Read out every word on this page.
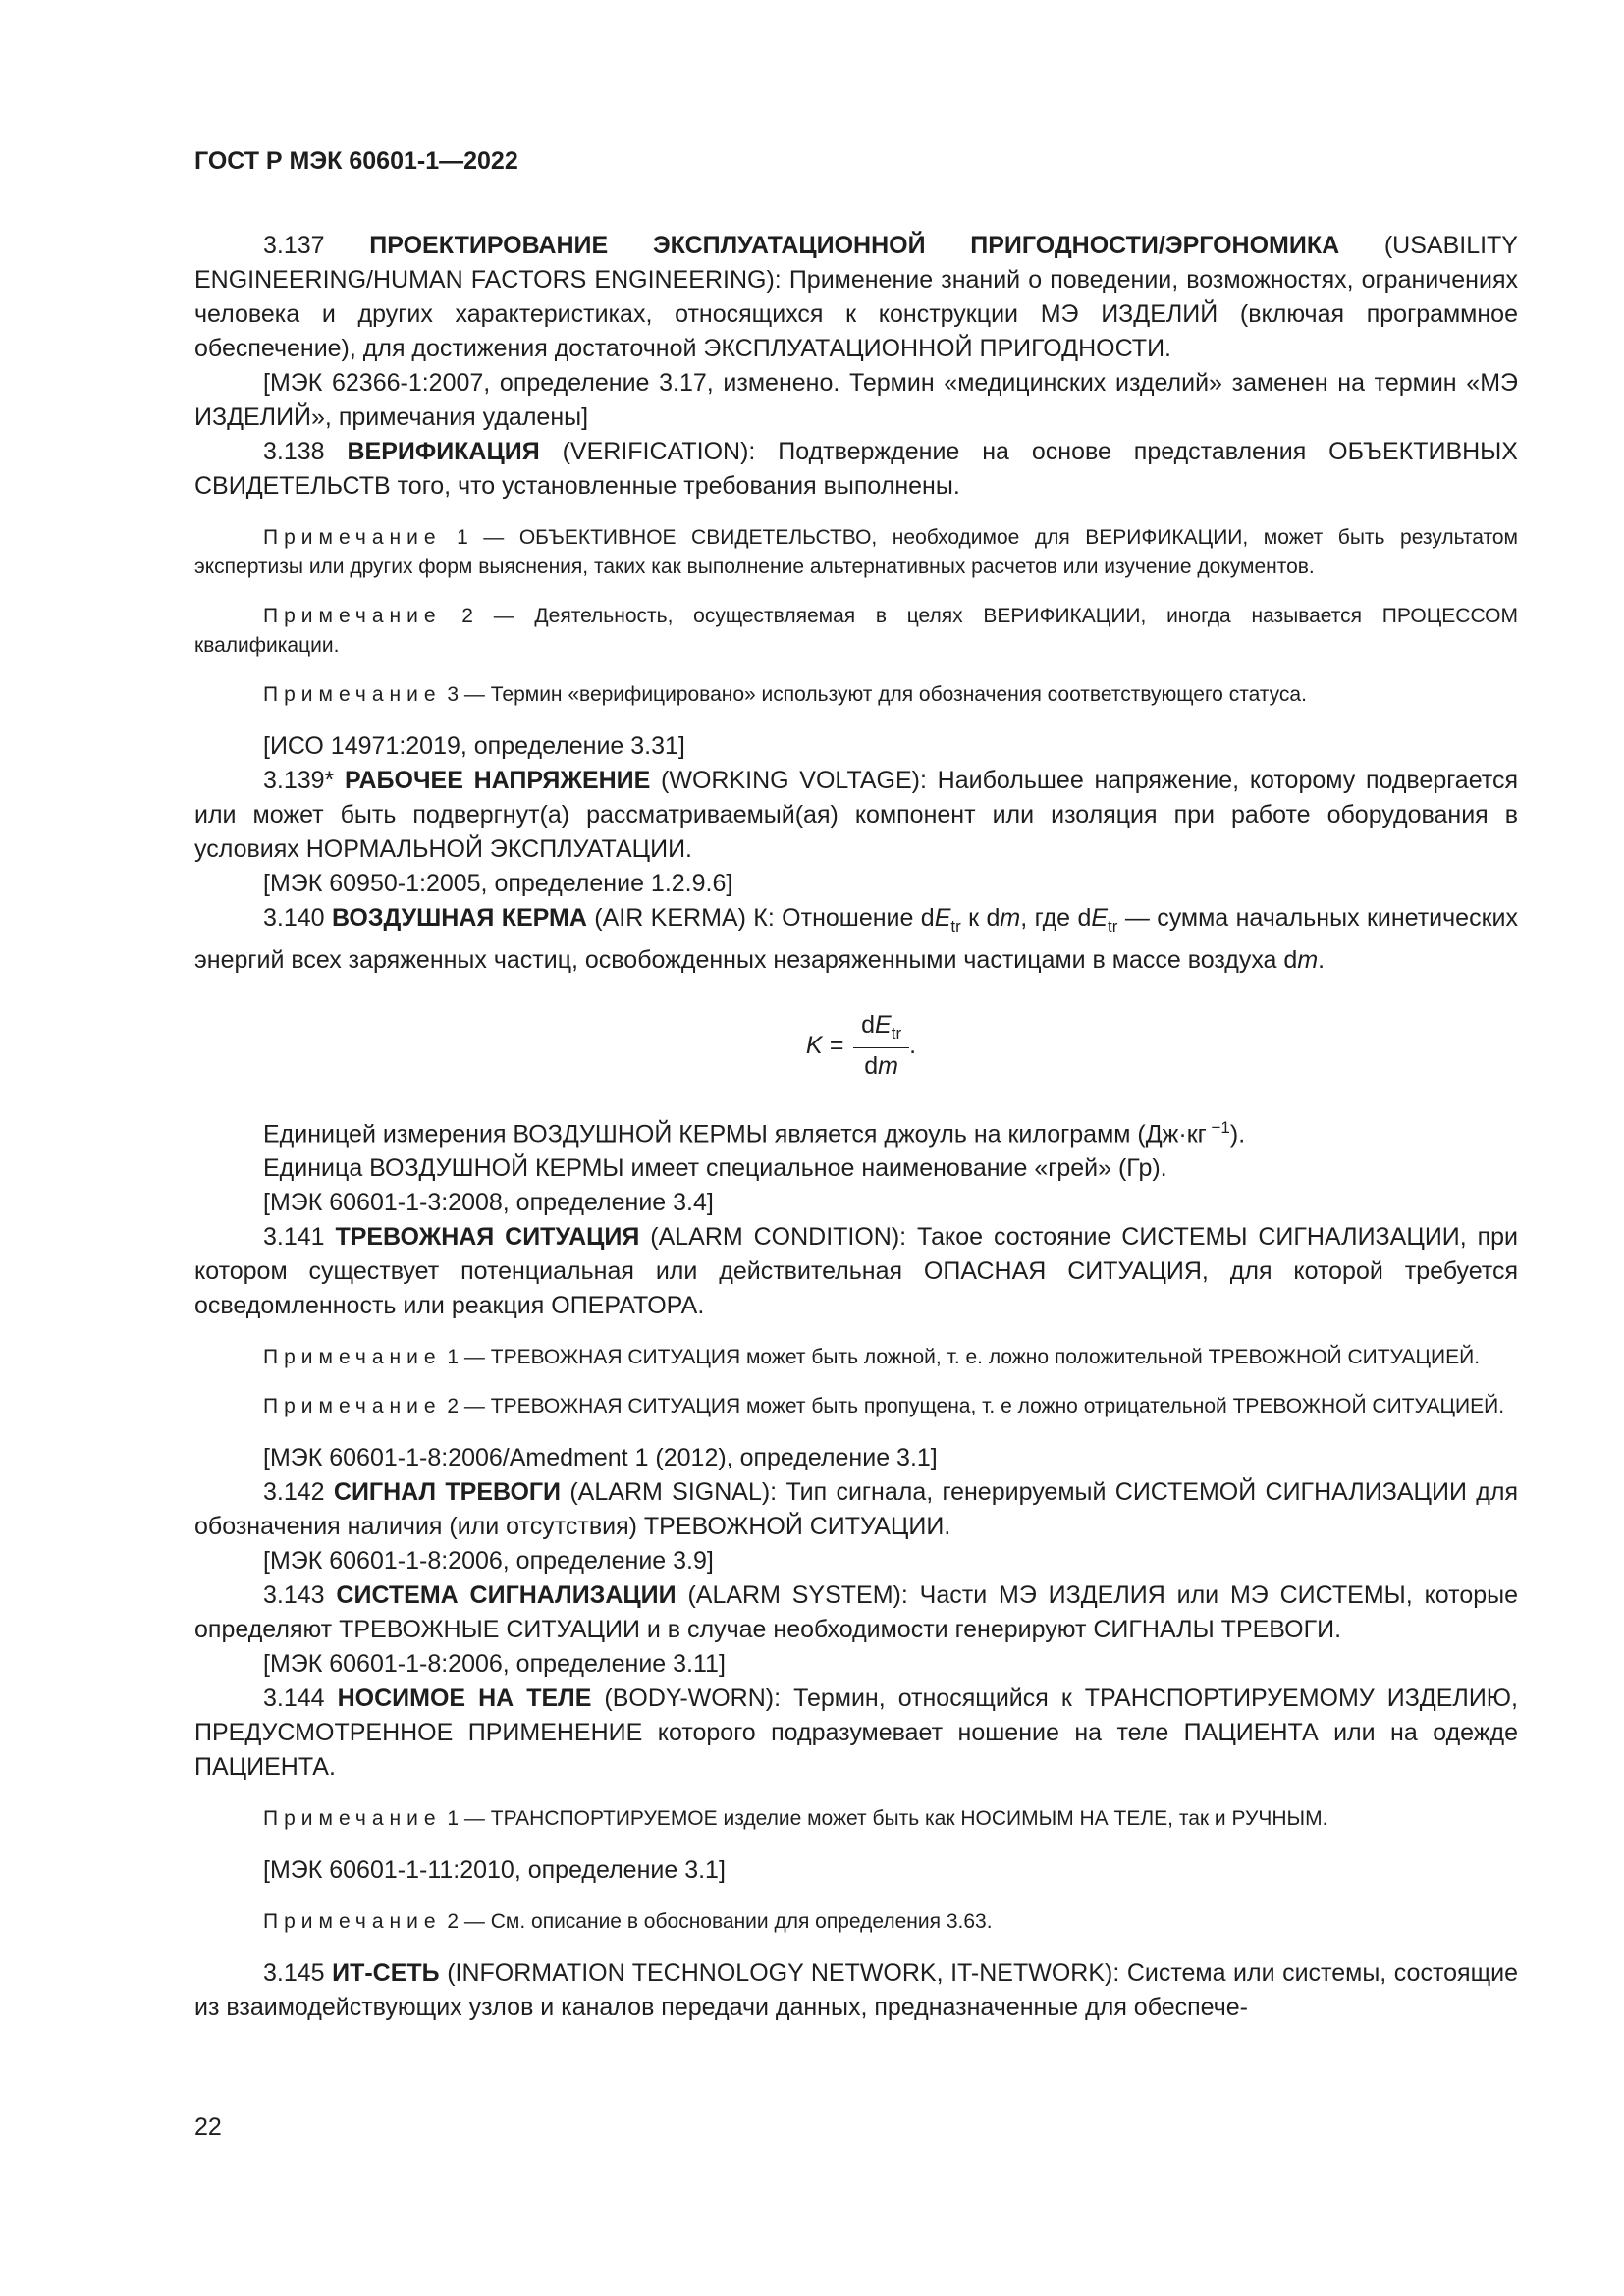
ГОСТ Р МЭК 60601-1—2022

3.137 ПРОЕКТИРОВАНИЕ ЭКСПЛУАТАЦИОННОЙ ПРИГОДНОСТИ/ЭРГОНОМИКА (USABILITY ENGINEERING/HUMAN FACTORS ENGINEERING): Применение знаний о поведении, возможностях, ограничениях человека и других характеристиках, относящихся к конструкции МЭ ИЗДЕЛИЙ (включая программное обеспечение), для достижения достаточной ЭКСПЛУАТАЦИОННОЙ ПРИГОДНОСТИ.

[МЭК 62366-1:2007, определение 3.17, изменено. Термин «медицинских изделий» заменен на термин «МЭ ИЗДЕЛИЙ», примечания удалены]

3.138 ВЕРИФИКАЦИЯ (VERIFICATION): Подтверждение на основе представления ОБЪЕКТИВНЫХ СВИДЕТЕЛЬСТВ того, что установленные требования выполнены.

Примечание 1 — ОБЪЕКТИВНОЕ СВИДЕТЕЛЬСТВО, необходимое для ВЕРИФИКАЦИИ, может быть результатом экспертизы или других форм выяснения, таких как выполнение альтернативных расчетов или изучение документов.

Примечание 2 — Деятельность, осуществляемая в целях ВЕРИФИКАЦИИ, иногда называется ПРОЦЕССОМ квалификации.

Примечание 3 — Термин «верифицировано» используют для обозначения соответствующего статуса.

[ИСО 14971:2019, определение 3.31]

3.139* РАБОЧЕЕ НАПРЯЖЕНИЕ (WORKING VOLTAGE): Наибольшее напряжение, которому подвергается или может быть подвергнут(а) рассматриваемый(ая) компонент или изоляция при работе оборудования в условиях НОРМАЛЬНОЙ ЭКСПЛУАТАЦИИ.

[МЭК 60950-1:2005, определение 1.2.9.6]

3.140 ВОЗДУШНАЯ КЕРМА (AIR KERMA) К: Отношение $dE_{tr}$ к dm, где $dE_{tr}$ — сумма начальных кинетических энергий всех заряженных частиц, освобожденных незаряженными частицами в массе воздуха dm.

$K = \frac{dE_{tr}}{dm}$ .

Единицей измерения ВОЗДУШНОЙ КЕРМЫ является джоуль на килограмм (Дж·кг $^{-1}$).

Единица ВОЗДУШНОЙ КЕРМЫ имеет специальное наименование «грей» (Гр).

[МЭК 60601-1-3:2008, определение 3.4]

3.141 ТРЕВОЖНАЯ СИТУАЦИЯ (ALARM CONDITION): Такое состояние СИСТЕМЫ СИГНАЛИЗАЦИИ, при котором существует потенциальная или действительная ОПАСНАЯ СИТУАЦИЯ, для которой требуется осведомленность или реакция ОПЕРАТОРА.

Примечание 1 — ТРЕВОЖНАЯ СИТУАЦИЯ может быть ложной, т. е. ложно положительной ТРЕВОЖНОЙ СИТУАЦИЕЙ.

Примечание 2 — ТРЕВОЖНАЯ СИТУАЦИЯ может быть пропущена, т. е ложно отрицательной ТРЕВОЖНОЙ СИТУАЦИЕЙ.

[МЭК 60601-1-8:2006/Amedment 1 (2012), определение 3.1]

3.142 СИГНАЛ ТРЕВОГИ (ALARM SIGNAL): Тип сигнала, генерируемый СИСТЕМОЙ СИГНАЛИЗАЦИИ для обозначения наличия (или отсутствия) ТРЕВОЖНОЙ СИТУАЦИИ.

[МЭК 60601-1-8:2006, определение 3.9]

3.143 СИСТЕМА СИГНАЛИЗАЦИИ (ALARM SYSTEM): Части МЭ ИЗДЕЛИЯ или МЭ СИСТЕМЫ, которые определяют ТРЕВОЖНЫЕ СИТУАЦИИ и в случае необходимости генерируют СИГНАЛЫ ТРЕВОГИ.

[МЭК 60601-1-8:2006, определение 3.11]

3.144 НОСИМОЕ НА ТЕЛЕ (BODY-WORN): Термин, относящийся к ТРАНСПОРТИРУЕМОМУ ИЗДЕЛИЮ, ПРЕДУСМОТРЕННОЕ ПРИМЕНЕНИЕ которого подразумевает ношение на теле ПАЦИЕНТА или на одежде ПАЦИЕНТА.

Примечание 1 — ТРАНСПОРТИРУЕМОЕ изделие может быть как НОСИМЫМ НА ТЕЛЕ, так и РУЧНЫМ.

[МЭК 60601-1-11:2010, определение 3.1]

Примечание 2 — См. описание в обосновании для определения 3.63.

3.145 ИТ-СЕТЬ (INFORMATION TECHNOLOGY NETWORK, IT-NETWORK): Система или системы, состоящие из взаимодействующих узлов и каналов передачи данных, предназначенные для обеспече-

22
